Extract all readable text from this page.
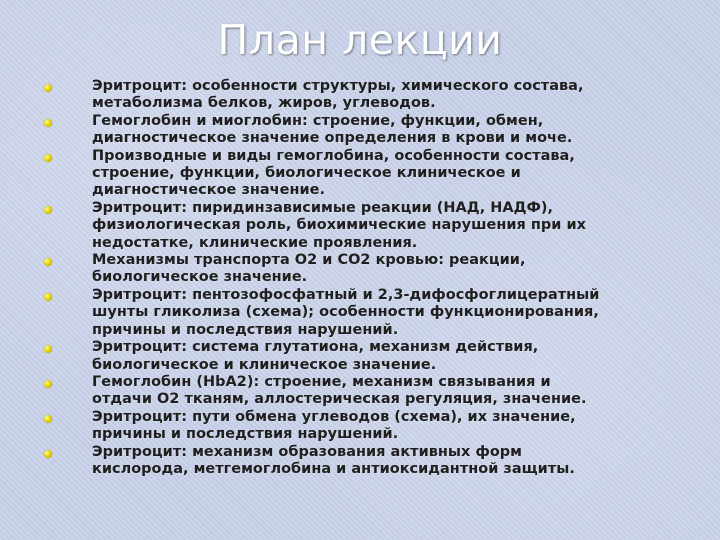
План лекции
Эритроцит: особенности структуры, химического состава,
метаболизма белков, жиров, углеводов.
Гемоглобин и миоглобин: строение, функции, обмен,
диагностическое значение определения в крови и моче.
Производные и виды гемоглобина, особенности состава,
строение, функции, биологическое клиническое и
диагностическое значение.
Эритроцит: пиридинзависимые реакции (НАД, НАДФ),
физиологическая роль, биохимические нарушения при их
недостатке, клинические проявления.
Механизмы транспорта О2 и СО2 кровью: реакции,
биологическое значение.
Эритроцит: пентозофосфатный и 2,3-дифосфоглицератный
шунты гликолиза (схема); особенности функционирования,
причины и последствия нарушений.
Эритроцит: система глутатиона, механизм действия,
биологическое и клиническое значение.
Гемоглобин (HbA2): строение, механизм связывания и
отдачи О2 тканям, аллостерическая регуляция, значение.
Эритроцит: пути обмена углеводов (схема), их значение,
причины и последствия нарушений.
Эритроцит: механизм образования активных форм
кислорода, метгемоглобина и антиоксидантной защиты.
